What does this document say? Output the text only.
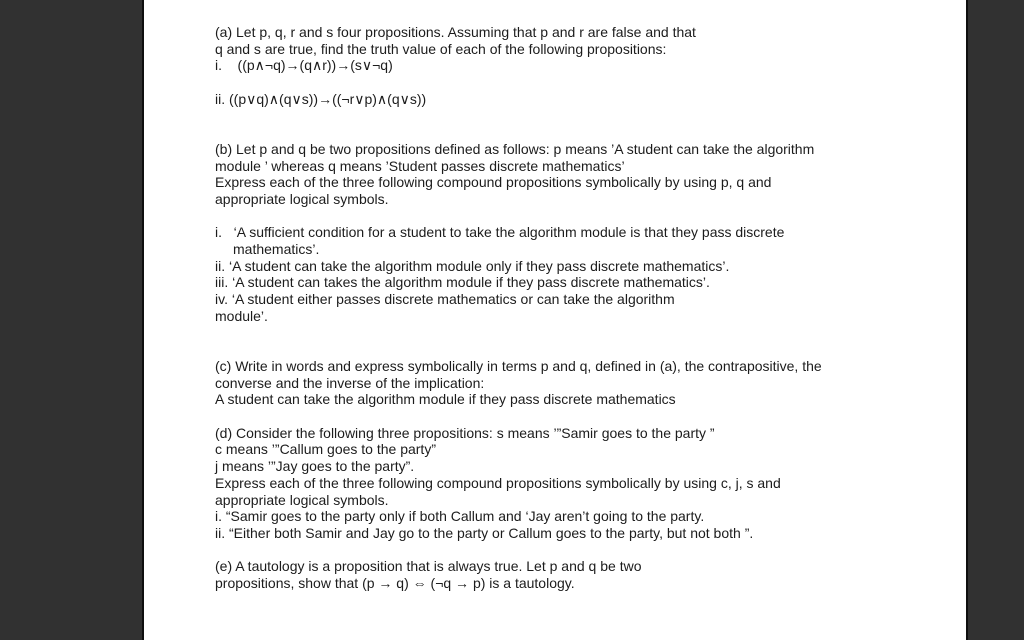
(a) Let p, q, r and s four propositions. Assuming that p and r are false and that
q and s are true, find the truth value of each of the following propositions:
i.    ((p∧¬q)→(q∧r))→(s∨¬q)
ii. ((p∨q)∧(q∨s))→((¬r∨p)∧(q∨s))
(b) Let p and q be two propositions defined as follows: p means ’A student can take the algorithm
module ’ whereas q means ’Student passes discrete mathematics’
Express each of the three following compound propositions symbolically by using p, q and
appropriate logical symbols.
i.   ‘A sufficient condition for a student to take the algorithm module is that they pass discrete
mathematics’.
ii. ‘A student can take the algorithm module only if they pass discrete mathematics’.
iii. ‘A student can takes the algorithm module if they pass discrete mathematics’.
iv. ‘A student either passes discrete mathematics or can take the algorithm
module’.
(c) Write in words and express symbolically in terms p and q, defined in (a), the contrapositive, the
converse and the inverse of the implication:
A student can take the algorithm module if they pass discrete mathematics
(d) Consider the following three propositions: s means ’”Samir goes to the party ”
c means ’”Callum goes to the party”
j means ’”Jay goes to the party”.
Express each of the three following compound propositions symbolically by using c, j, s and
appropriate logical symbols.
i. “Samir goes to the party only if both Callum and ‘Jay aren’t going to the party.
ii. “Either both Samir and Jay go to the party or Callum goes to the party, but not both ”.
(e) A tautology is a proposition that is always true. Let p and q be two
propositions, show that (p → q) ⇔ (¬q → p) is a tautology.
